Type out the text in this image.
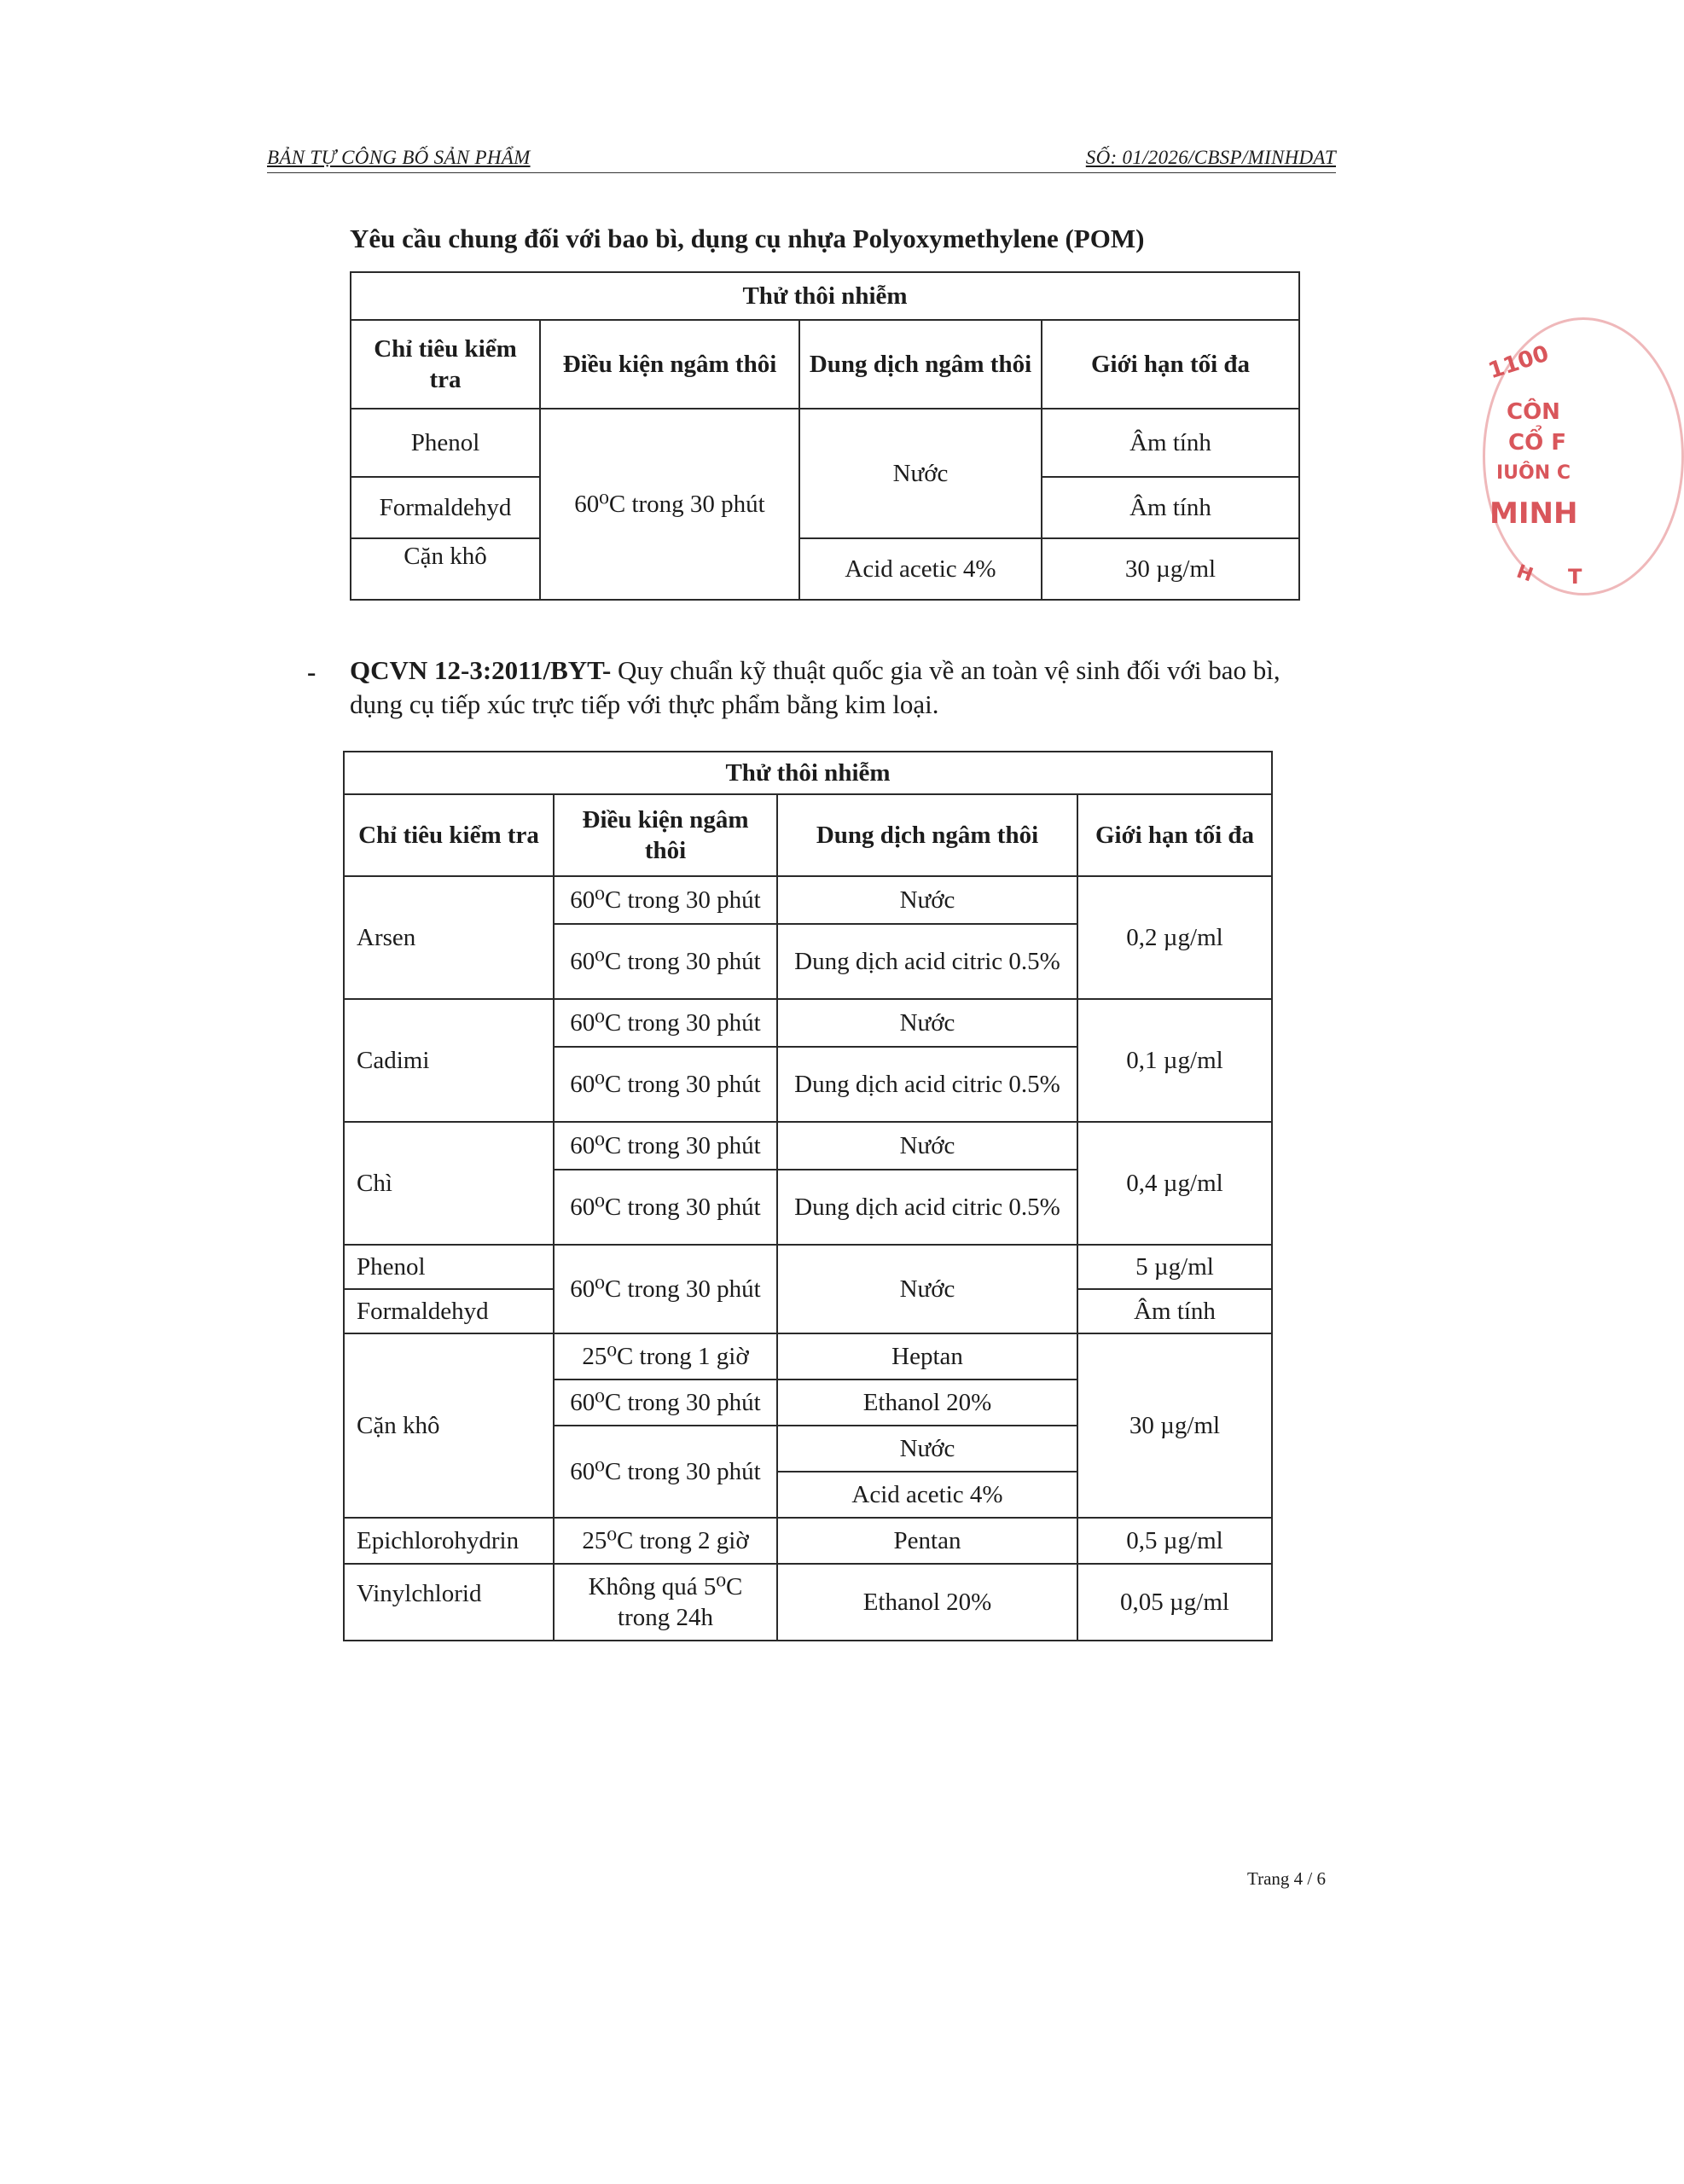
BẢN TỰ CÔNG BỐ SẢN PHẨM	SỐ: 01/2026/CBSP/MINHDAT
Yêu cầu chung đối với bao bì, dụng cụ nhựa Polyoxymethylene (POM)
Thử thôi nhiễm			
Chỉ tiêu kiểm tra	Điều kiện ngâm thôi	Dung dịch ngâm thôi	Giới hạn tối đa
Phenol	60⁰C trong 30 phút	Nước	Âm tính
Formaldehyd			Âm tính
Cặn khô		Acid acetic 4%	30 µg/ml
- QCVN 12-3:2011/BYT- Quy chuẩn kỹ thuật quốc gia về an toàn vệ sinh đối với bao bì, dụng cụ tiếp xúc trực tiếp với thực phẩm bằng kim loại.
Thử thôi nhiễm			
Chỉ tiêu kiểm tra	Điều kiện ngâm thôi	Dung dịch ngâm thôi	Giới hạn tối đa
Arsen	60⁰C trong 30 phút	Nước	0,2 µg/ml
	60⁰C trong 30 phút	Dung dịch acid citric 0.5%	
Cadimi	60⁰C trong 30 phút	Nước	0,1 µg/ml
	60⁰C trong 30 phút	Dung dịch acid citric 0.5%	
Chì	60⁰C trong 30 phút	Nước	0,4 µg/ml
	60⁰C trong 30 phút	Dung dịch acid citric 0.5%	
Phenol	60⁰C trong 30 phút	Nước	5 µg/ml
Formaldehyd			Âm tính
Cặn khô	25⁰C trong 1 giờ	Heptan	30 µg/ml
	60⁰C trong 30 phút	Ethanol 20%	
	60⁰C trong 30 phút	Nước	
		Acid acetic 4%	
Epichlorohydrin	25⁰C trong 2 giờ	Pentan	0,5 µg/ml
Vinylchlorid	Không quá 5⁰C trong 24h	Ethanol 20%	0,05 µg/ml
Trang 4 / 6
1100
CÔN
CỔ F
IUÔN C
MINH
H T
